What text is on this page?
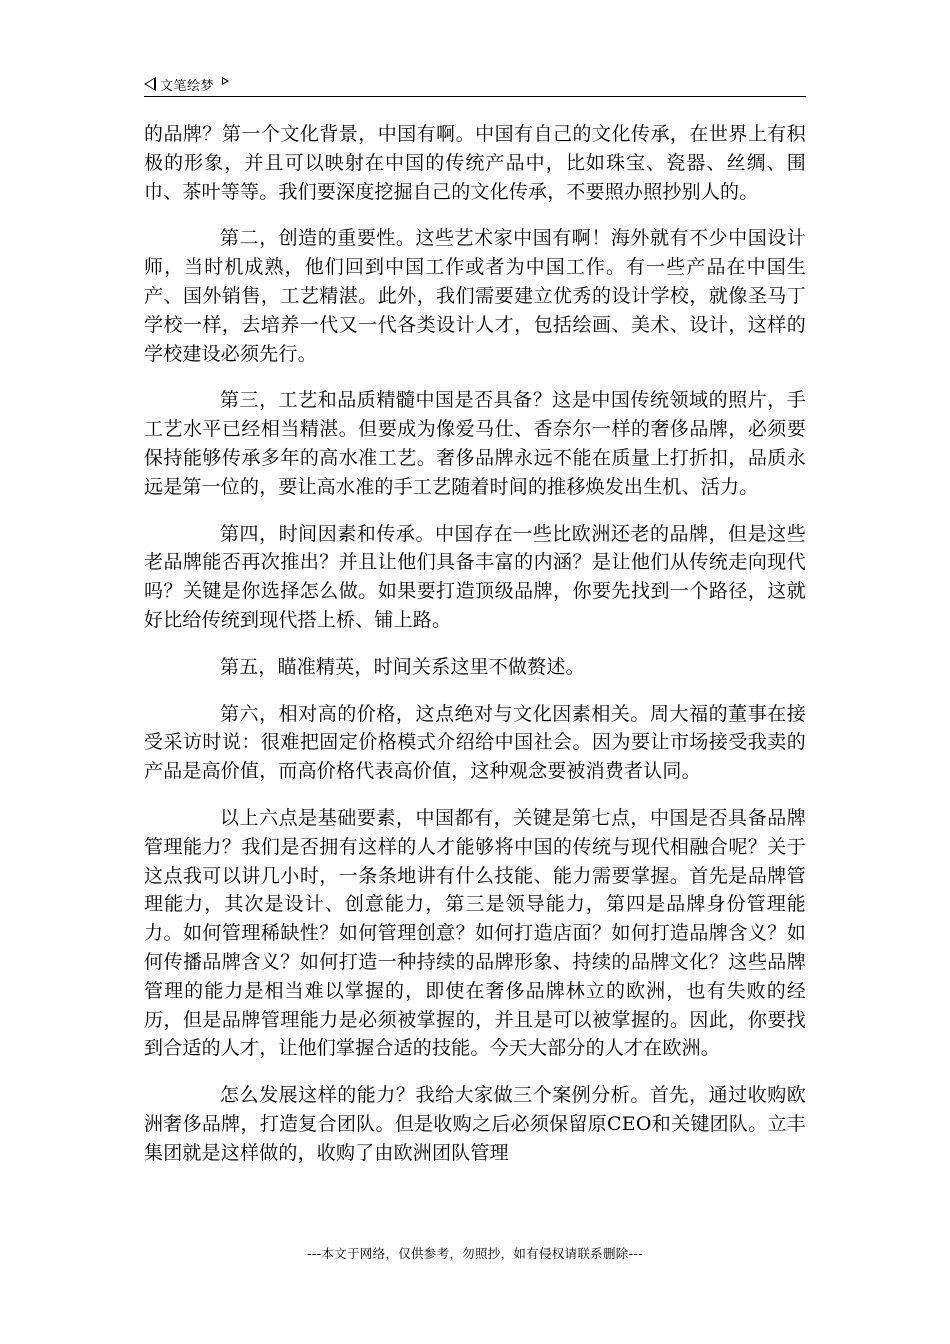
文笔绘梦

的品牌？第一个文化背景，中国有啊。中国有自己的文化传承，在世界上有积极的形象，并且可以映射在中国的传统产品中，比如珠宝、瓷器、丝绸、围巾、茶叶等等。我们要深度挖掘自己的文化传承，不要照办照抄别人的。

第二，创造的重要性。这些艺术家中国有啊！海外就有不少中国设计师，当时机成熟，他们回到中国工作或者为中国工作。有一些产品在中国生产、国外销售，工艺精湛。此外，我们需要建立优秀的设计学校，就像圣马丁学校一样，去培养一代又一代各类设计人才，包括绘画、美术、设计，这样的学校建设必须先行。

第三，工艺和品质精髓中国是否具备？这是中国传统领域的照片，手工艺水平已经相当精湛。但要成为像爱马仕、香奈尔一样的奢侈品牌，必须要保持能够传承多年的高水准工艺。奢侈品牌永远不能在质量上打折扣，品质永远是第一位的，要让高水准的手工艺随着时间的推移焕发出生机、活力。

第四，时间因素和传承。中国存在一些比欧洲还老的品牌，但是这些老品牌能否再次推出？并且让他们具备丰富的内涵？是让他们从传统走向现代吗？关键是你选择怎么做。如果要打造顶级品牌，你要先找到一个路径，这就好比给传统到现代搭上桥、铺上路。

第五，瞄准精英，时间关系这里不做赘述。

第六，相对高的价格，这点绝对与文化因素相关。周大福的董事在接受采访时说：很难把固定价格模式介绍给中国社会。因为要让市场接受我卖的产品是高价值，而高价格代表高价值，这种观念要被消费者认同。

以上六点是基础要素，中国都有，关键是第七点，中国是否具备品牌管理能力？我们是否拥有这样的人才能够将中国的传统与现代相融合呢？关于这点我可以讲几小时，一条条地讲有什么技能、能力需要掌握。首先是品牌管理能力，其次是设计、创意能力，第三是领导能力，第四是品牌身份管理能力。如何管理稀缺性？如何管理创意？如何打造店面？如何打造品牌含义？如何传播品牌含义？如何打造一种持续的品牌形象、持续的品牌文化？这些品牌管理的能力是相当难以掌握的，即使在奢侈品牌林立的欧洲，也有失败的经历，但是品牌管理能力是必须被掌握的，并且是可以被掌握的。因此，你要找到合适的人才，让他们掌握合适的技能。今天大部分的人才在欧洲。

怎么发展这样的能力？我给大家做三个案例分析。首先，通过收购欧洲奢侈品牌，打造复合团队。但是收购之后必须保留原CEO和关键团队。立丰集团就是这样做的，收购了由欧洲团队管理

---本文于网络，仅供参考，勿照抄，如有侵权请联系删除---
